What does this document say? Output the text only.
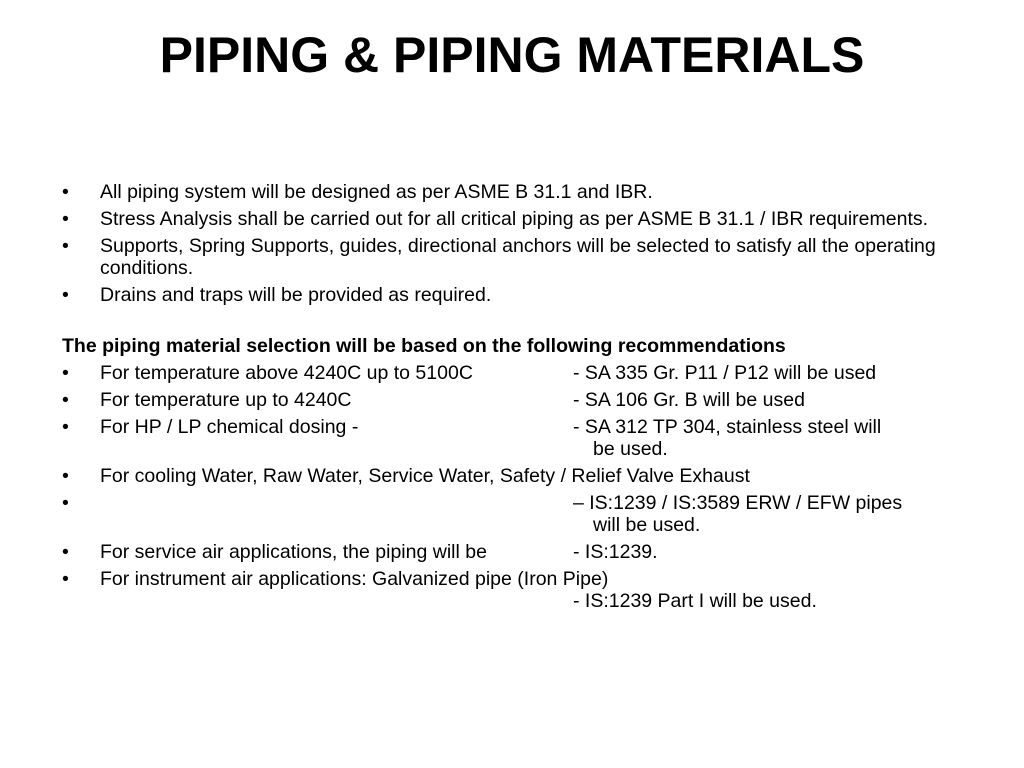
PIPING & PIPING MATERIALS
•	All piping system will be designed as per ASME B 31.1 and IBR.
•	Stress Analysis shall be carried out for all critical piping as per ASME B 31.1 / IBR requirements.
•	Supports, Spring Supports, guides, directional anchors will be selected to satisfy all the operating conditions.
•	Drains and traps will be provided as required.
The piping material selection will be based on the following recommendations
•	For temperature above 4240C up to 5100C	- SA 335 Gr. P11 / P12 will be used
•	For temperature up to 4240C	- SA 106 Gr. B will be used
•	For HP / LP chemical dosing -	- SA 312 TP 304, stainless steel will
be used.
•	For cooling Water, Raw Water, Service Water, Safety / Relief Valve Exhaust
•	– IS:1239 / IS:3589 ERW / EFW pipes
will be used.
•	For service air applications, the piping will be	- IS:1239.
•	For instrument air applications: Galvanized pipe (Iron Pipe)
- IS:1239 Part I will be used.
